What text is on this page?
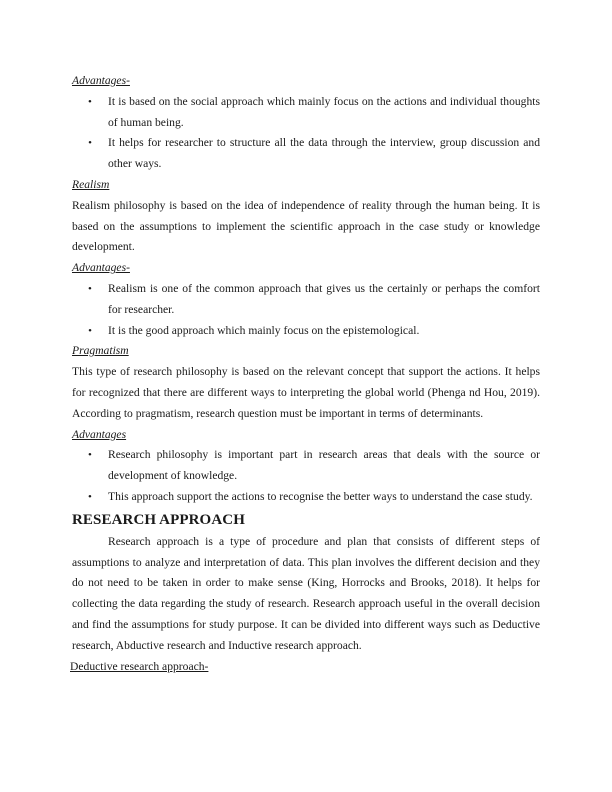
Advantages-
• It is based on the social approach which mainly focus on the actions and individual thoughts of human being.
• It helps for researcher to structure all the data through the interview, group discussion and other ways.
Realism
Realism philosophy is based on the idea of independence of reality through the human being. It is based on the assumptions to implement the scientific approach in the case study or knowledge development.
Advantages-
• Realism is one of the common approach that gives us the certainly or perhaps the comfort for researcher.
• It is the good approach which mainly focus on the epistemological.
Pragmatism
This type of research philosophy is based on the relevant concept that support the actions. It helps for recognized that there are different ways to interpreting the global world (Phenga nd Hou, 2019). According to pragmatism, research question must be important in terms of determinants.
Advantages
• Research philosophy is important part in research areas that deals with the source or development of knowledge.
• This approach support the actions to recognise the better ways to understand the case study.
RESEARCH APPROACH
Research approach is a type of procedure and plan that consists of different steps of assumptions to analyze and interpretation of data. This plan involves the different decision and they do not need to be taken in order to make sense (King, Horrocks and Brooks, 2018). It helps for collecting the data regarding the study of research. Research approach useful in the overall decision and find the assumptions for study purpose. It can be divided into different ways such as Deductive research, Abductive research and Inductive research approach.
Deductive research approach-
